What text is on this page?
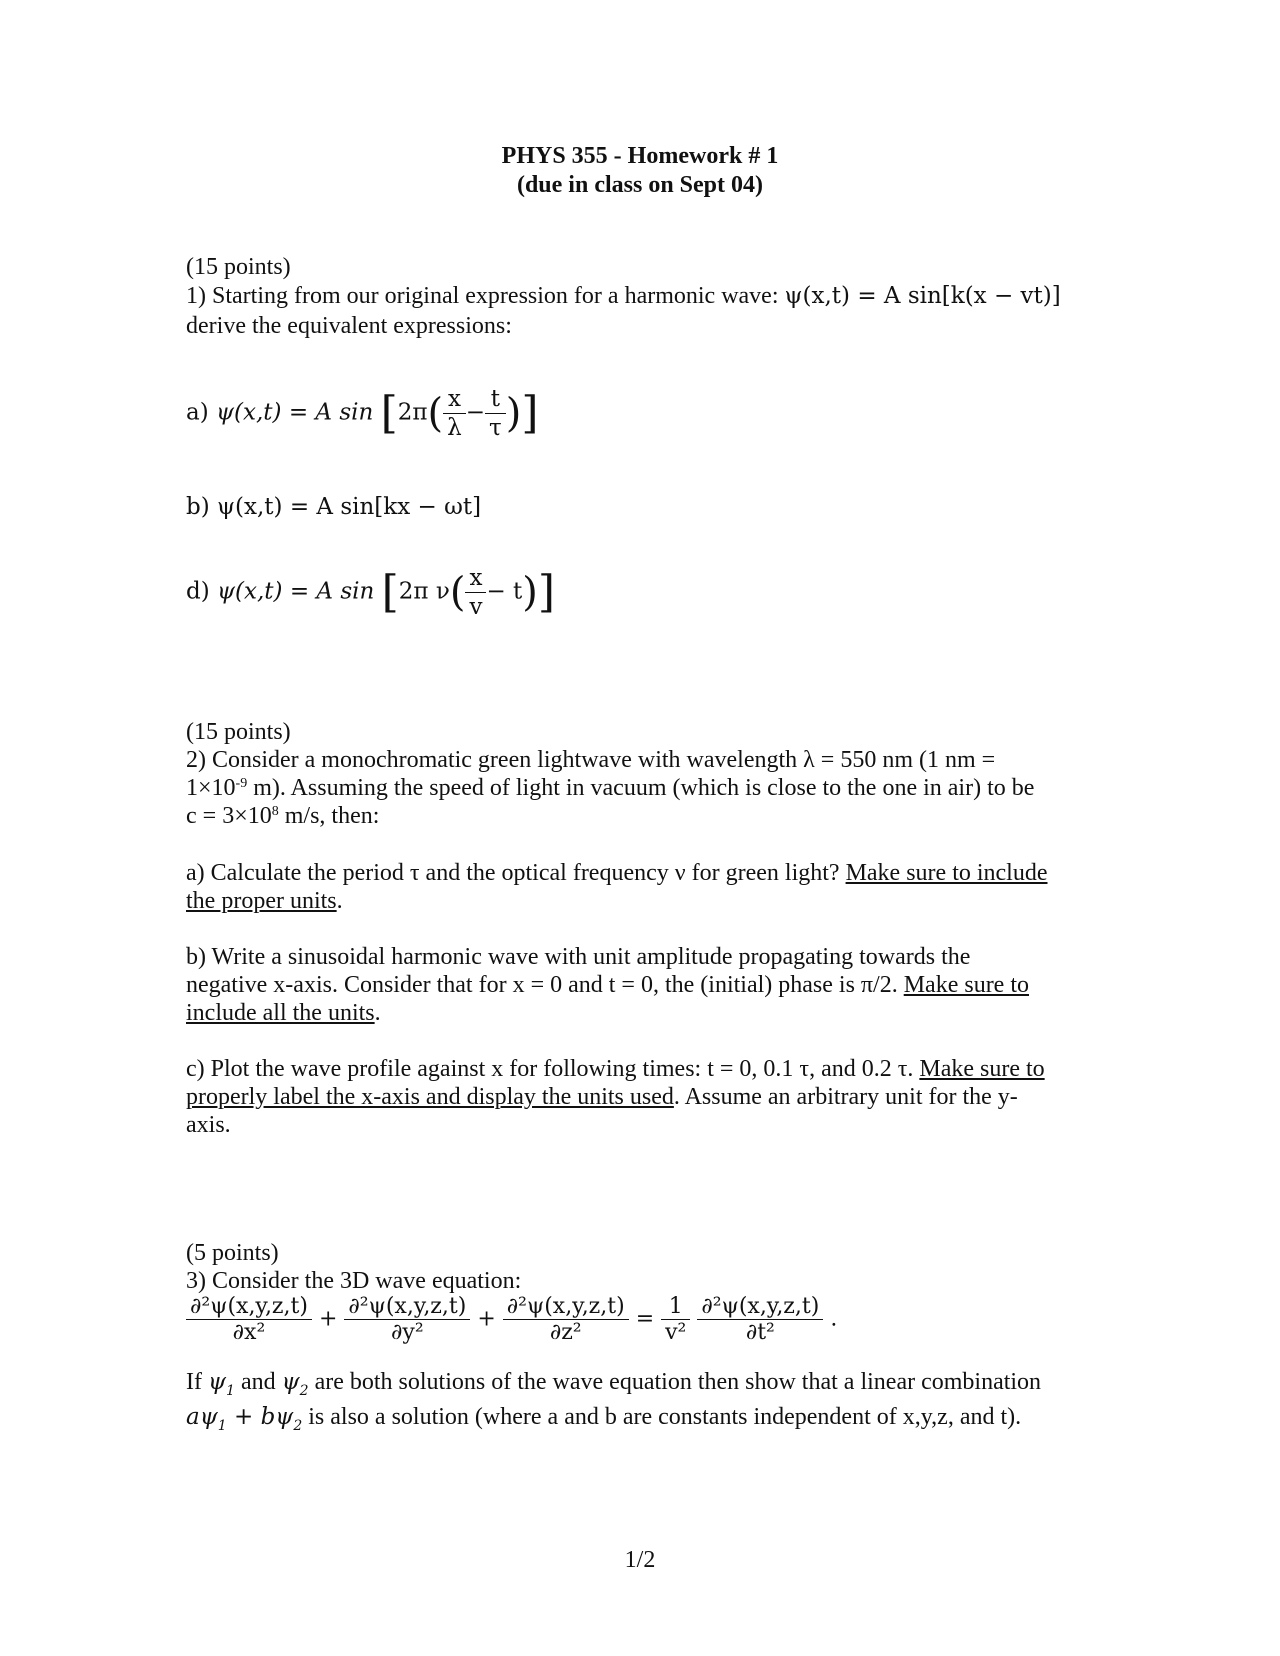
PHYS 355 - Homework # 1
(due in class on Sept 04)
(15 points)
1) Starting from our original expression for a harmonic wave: ψ(x,t) = A sin[k(x − vt)]
derive the equivalent expressions:
a) ψ(x,t) = A $\sin [2\pi( \frac{x}{\lambda} - \frac{t}{\tau}$ )]
b) ψ(x,t) = A sin[kx − ωt]
d) ψ(x,t) = A sin [2π $\nu( \frac{x}{v} - t)$]
(15 points)
2) Consider a monochromatic green lightwave with wavelength λ = 550 nm (1 nm =
$1\times 10^{-9}$ m). Assuming the speed of light in vacuum (which is close to the one in air) to be
$c = 3\times 10^8$ m/s, then:
a) Calculate the period τ and the optical frequency ν for green light? Make sure to include
the proper units.
b) Write a sinusoidal harmonic wave with unit amplitude propagating towards the
negative x-axis. Consider that for x = 0 and t = 0, the (initial) phase is π/2. Make sure to
include all the units.
c) Plot the wave profile against x for following times: t = 0, 0.1 τ, and 0.2 τ. Make sure to
properly label the x-axis and display the units used. Assume an arbitrary unit for the y-
axis.
(5 points)
3) Consider the 3D wave equation:
$\frac{\text{∂²ψ(x,y,z,t)}}{\text{∂x²}} + \frac{\text{∂²ψ(x,y,z,t)}}{\text{∂y²}} + \frac{\text{∂²ψ(x,y,z,t)}}{\text{∂z²}} = \frac{1}{\text{v²}}$
$\frac{\text{∂²ψ(x,y,z,t)}}{\text{∂t²}}$ .
If $\psi_1$ and $\psi_2$ are both solutions of the wave equation then show that a linear combination
$a\psi_1 + b\psi_2$ is also a solution (where a and b are constants independent of x,y,z, and t).
1/2
